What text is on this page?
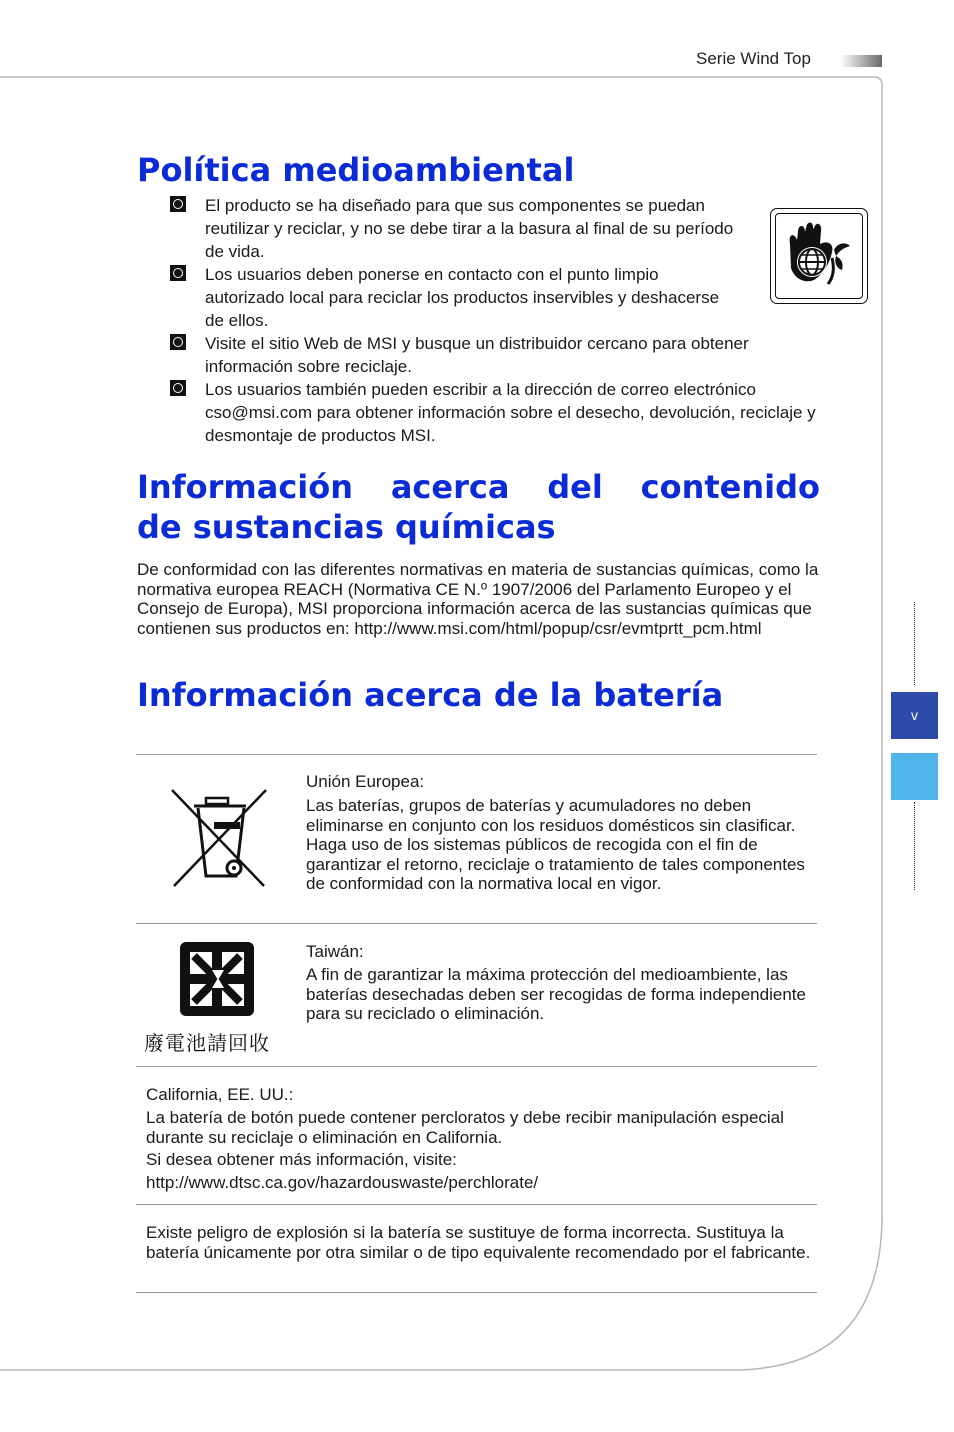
Serie Wind Top
Política medioambiental
El producto se ha diseñado para que sus componentes se puedan reutilizar y reciclar, y no se debe tirar a la basura al final de su período de vida.
Los usuarios deben ponerse en contacto con el punto limpio autorizado local para reciclar los productos inservibles y deshacerse de ellos.
Visite el sitio Web de MSI y busque un distribuidor cercano para obtener información sobre reciclaje.
Los usuarios también pueden escribir a la dirección de correo electrónico cso@msi.com para obtener información sobre el desecho, devolución, reciclaje y desmontaje de productos MSI.
Información acerca del contenido
de sustancias químicas

De conformidad con las diferentes normativas en materia de sustancias químicas, como la normativa europea REACH (Normativa CE N.º 1907/2006 del Parlamento Europeo y el Consejo de Europa), MSI proporciona información acerca de las sustancias químicas que contienen sus productos en: http://www.msi.com/html/popup/csr/evmtprtt_pcm.html

Información acerca de la batería
Unión Europea:
Las baterías, grupos de baterías y acumuladores no deben eliminarse en conjunto con los residuos domésticos sin clasificar. Haga uso de los sistemas públicos de recogida con el fin de garantizar el retorno, reciclaje o tratamiento de tales componentes de conformidad con la normativa local en vigor.
廢電池請回收
Taiwán:
A fin de garantizar la máxima protección del medioambiente, las baterías desechadas deben ser recogidas de forma independiente para su reciclado o eliminación.
California, EE. UU.:
La batería de botón puede contener percloratos y debe recibir manipulación especial durante su reciclaje o eliminación en California.
Si desea obtener más información, visite:
http://www.dtsc.ca.gov/hazardouswaste/perchlorate/
Existe peligro de explosión si la batería se sustituye de forma incorrecta. Sustituya la batería únicamente por otra similar o de tipo equivalente recomendado por el fabricante.
v
